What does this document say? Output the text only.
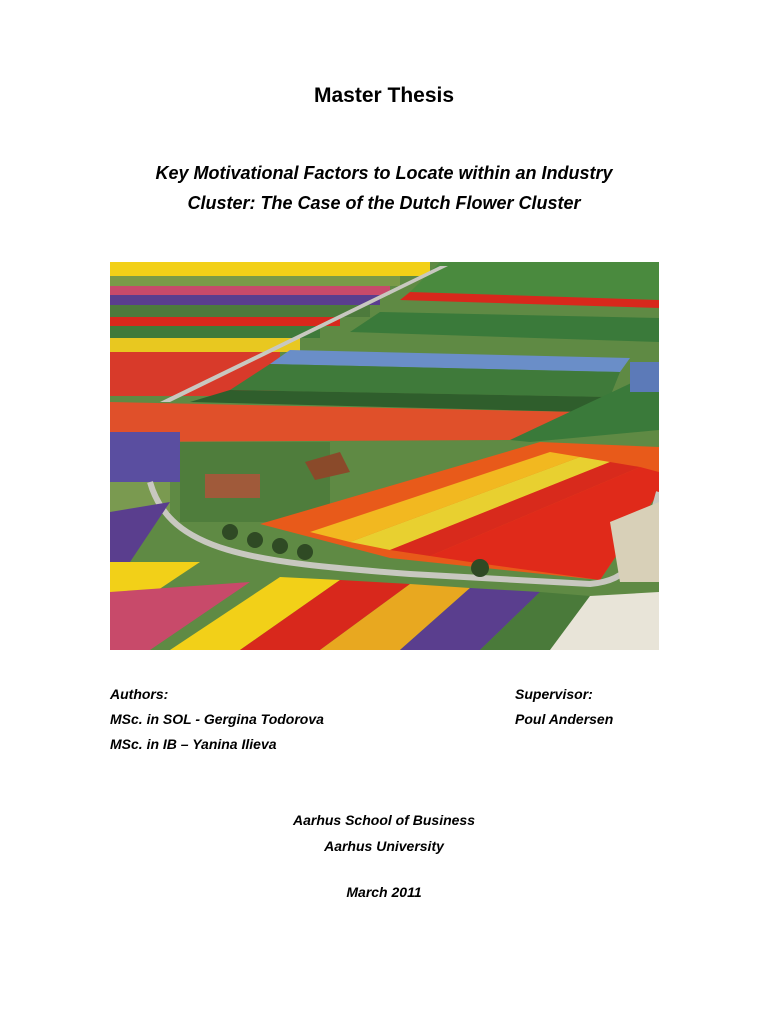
Master Thesis
Key Motivational Factors to Locate within an Industry
Cluster: The Case of the Dutch Flower Cluster
Authors:
MSc. in SOL - Gergina Todorova
MSc. in IB – Yanina Ilieva
Supervisor:
Poul Andersen
Aarhus School of Business
Aarhus University
March 2011
